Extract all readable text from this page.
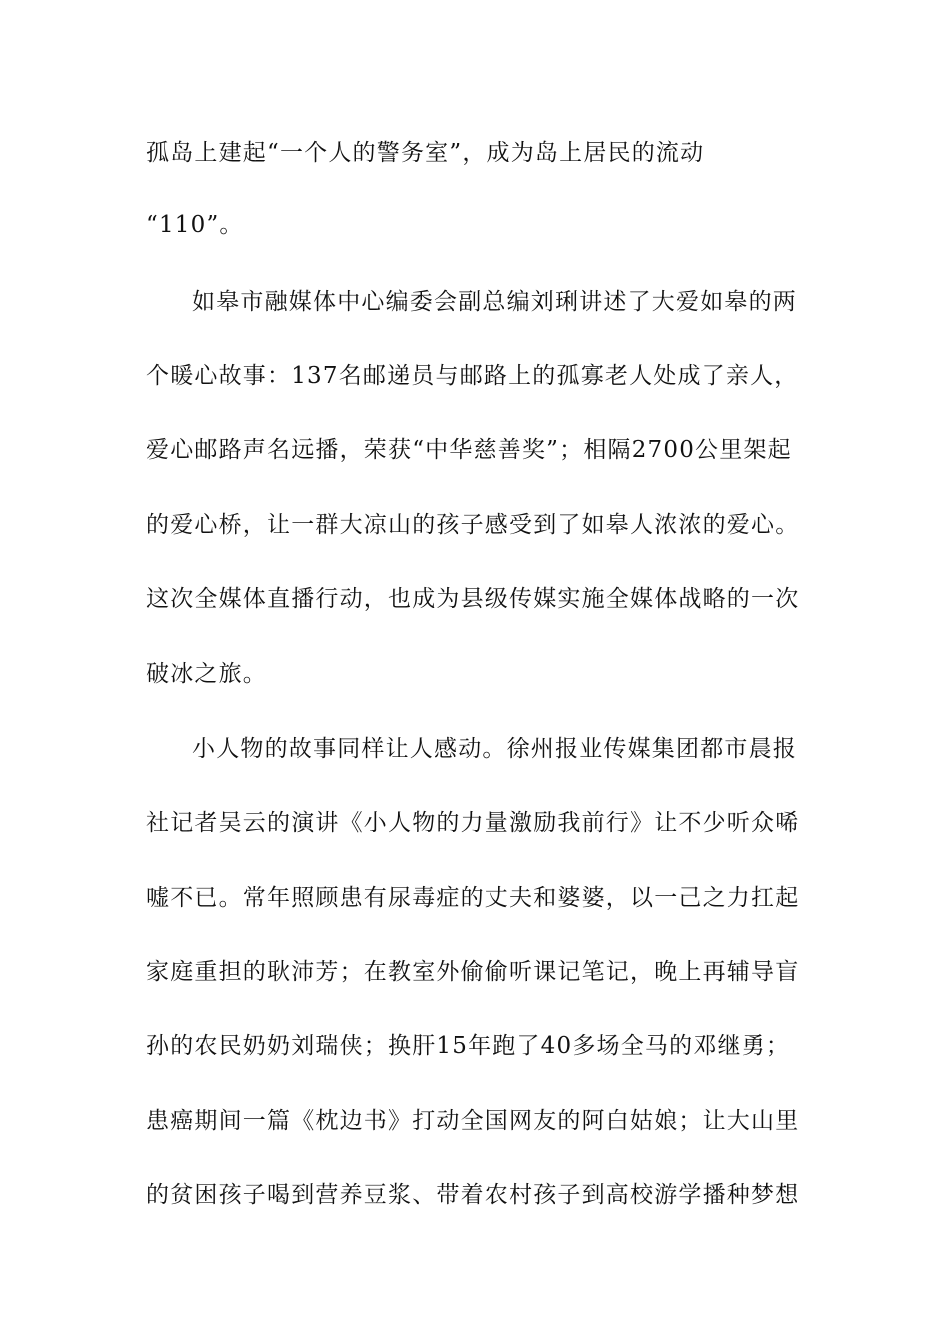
孤岛上建起“一个人的警务室”，成为岛上居民的流动
“110”。
如皋市融媒体中心编委会副总编刘琍讲述了大爱如皋的两
个暖心故事：137名邮递员与邮路上的孤寡老人处成了亲人，
爱心邮路声名远播，荣获“中华慈善奖”；相隔2700公里架起
的爱心桥，让一群大凉山的孩子感受到了如皋人浓浓的爱心。
这次全媒体直播行动，也成为县级传媒实施全媒体战略的一次
破冰之旅。
小人物的故事同样让人感动。徐州报业传媒集团都市晨报
社记者吴云的演讲《小人物的力量激励我前行》让不少听众唏
嘘不已。常年照顾患有尿毒症的丈夫和婆婆，以一己之力扛起
家庭重担的耿沛芳；在教室外偷偷听课记笔记，晚上再辅导盲
孙的农民奶奶刘瑞侠；换肝15年跑了40多场全马的邓继勇；
患癌期间一篇《枕边书》打动全国网友的阿白姑娘；让大山里
的贫困孩子喝到营养豆浆、带着农村孩子到高校游学播种梦想
